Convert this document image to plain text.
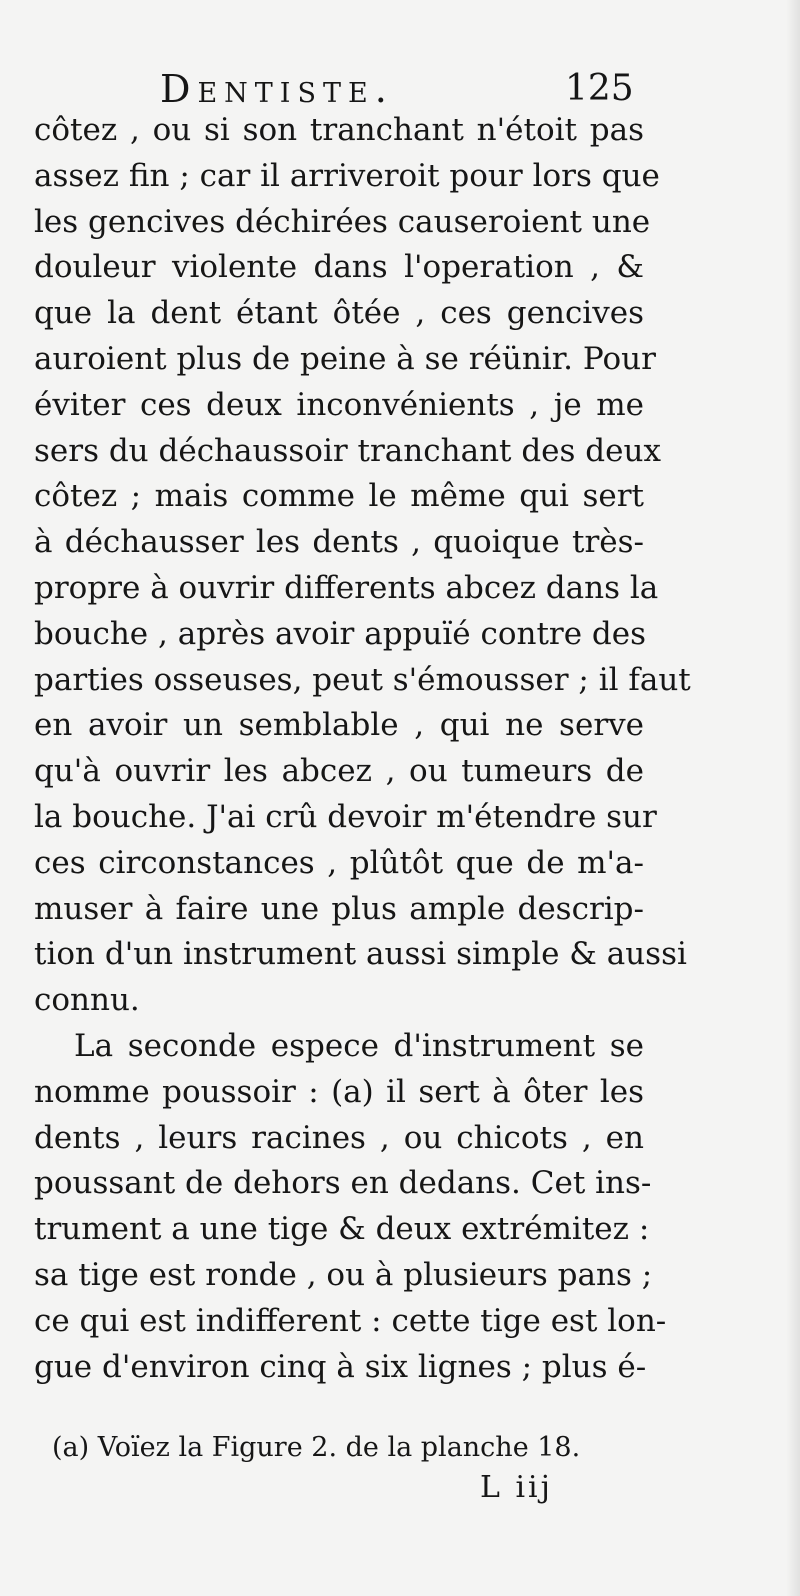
Dentiste.	125
côtez , ou si son tranchant n'étoit pas
assez fin ; car il arriveroit pour lors que
les gencives déchirées causeroient une
douleur violente dans l'operation , &
que la dent étant ôtée , ces gencives
auroient plus de peine à se réünir. Pour
éviter ces deux inconvénients , je me
sers du déchaussoir tranchant des deux
côtez ; mais comme le même qui sert
à déchausser les dents , quoique très-
propre à ouvrir differents abcez dans la
bouche , après avoir appuïé contre des
parties osseuses, peut s'émousser ; il faut
en avoir un semblable , qui ne serve
qu'à ouvrir les abcez , ou tumeurs de
la bouche. J'ai crû devoir m'étendre sur
ces circonstances , plûtôt que de m'a-
muser à faire une plus ample descrip-
tion d'un instrument aussi simple & aussi
connu.
La seconde espece d'instrument se
nomme poussoir : (a) il sert à ôter les
dents , leurs racines , ou chicots , en
poussant de dehors en dedans. Cet ins-
trument a une tige & deux extrémitez :
sa tige est ronde , ou à plusieurs pans ;
ce qui est indifferent : cette tige est lon-
gue d'environ cinq à six lignes ; plus é-
(a) Voïez la Figure 2. de la planche 18.
L iij
